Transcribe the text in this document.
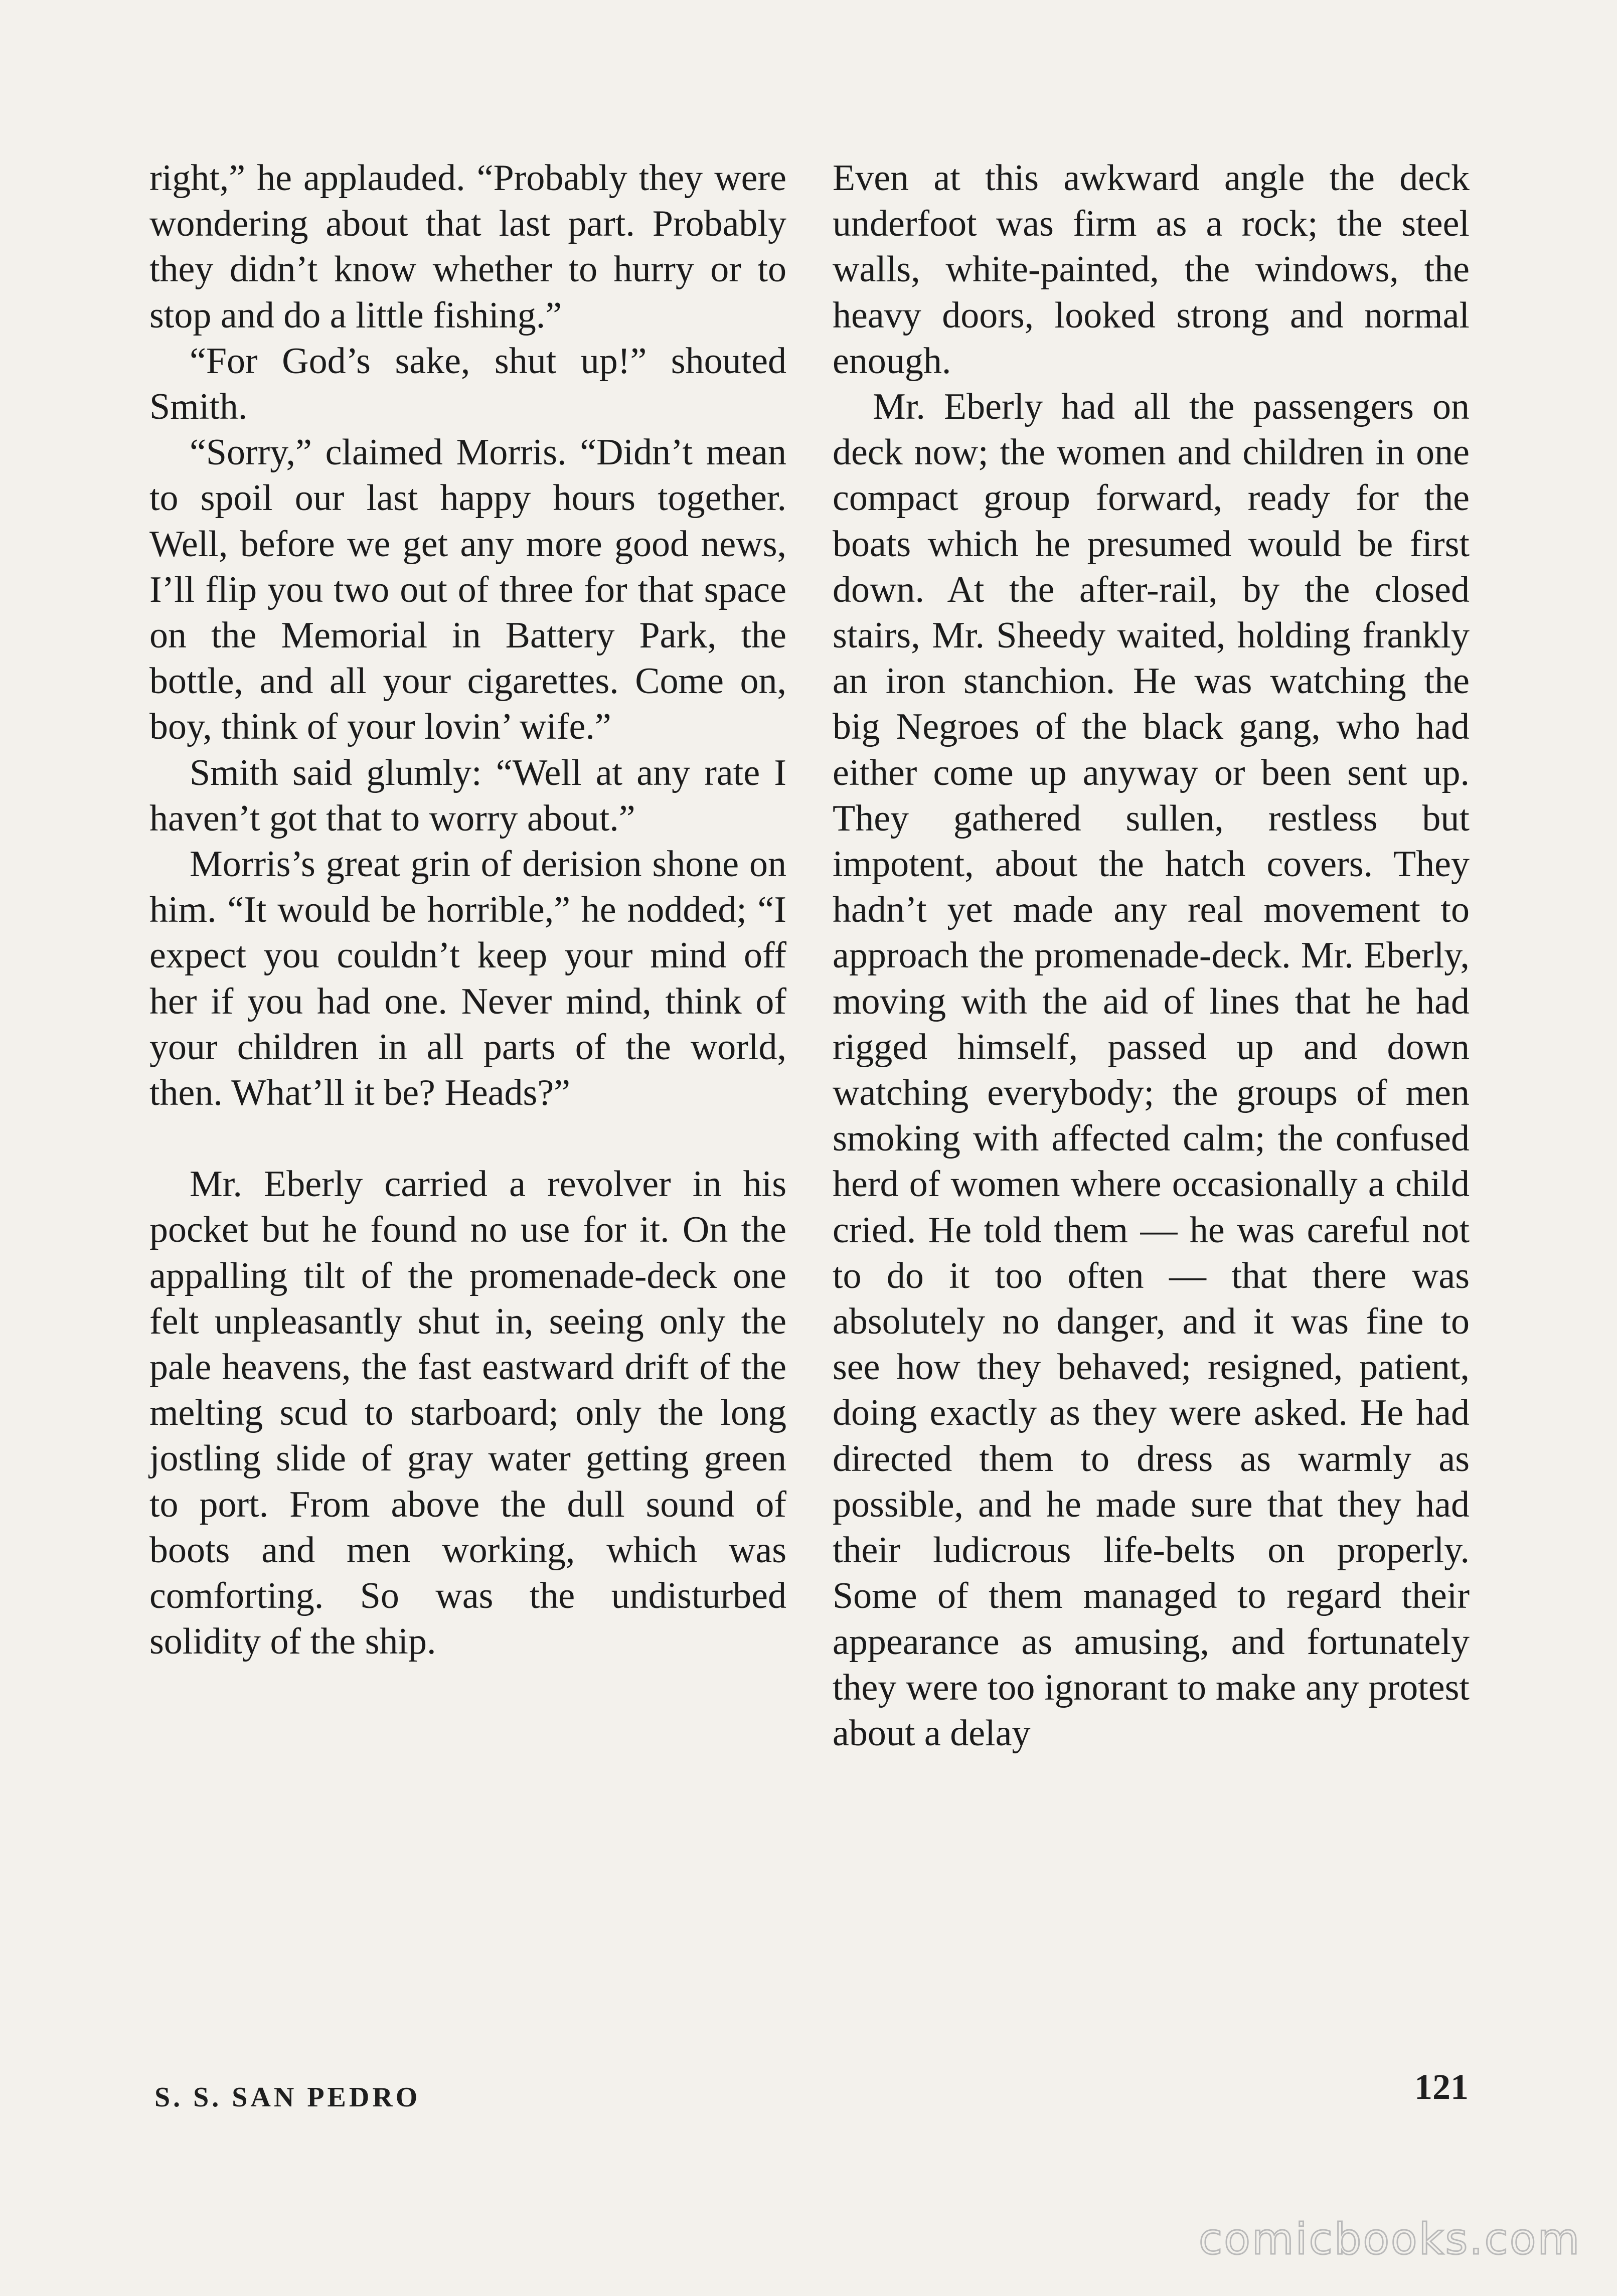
right,” he applauded. “Probably they were wondering about that last part. Probably they didn’t know whether to hurry or to stop and do a little fishing.”

“For God’s sake, shut up!” shouted Smith.

“Sorry,” claimed Morris. “Didn’t mean to spoil our last happy hours together. Well, before we get any more good news, I’ll flip you two out of three for that space on the Memorial in Battery Park, the bottle, and all your cigarettes. Come on, boy, think of your lovin’ wife.”

Smith said glumly: “Well at any rate I haven’t got that to worry about.”

Morris’s great grin of derision shone on him. “It would be horrible,” he nodded; “I expect you couldn’t keep your mind off her if you had one. Never mind, think of your children in all parts of the world, then. What’ll it be? Heads?”

Mr. Eberly carried a revolver in his pocket but he found no use for it. On the appalling tilt of the promenade-deck one felt unpleasantly shut in, seeing only the pale heavens, the fast eastward drift of the melting scud to starboard; only the long jostling slide of gray water getting green to port. From above the dull sound of boots and men working, which was comforting. So was the undisturbed solidity of the ship.

Even at this awkward angle the deck underfoot was firm as a rock; the steel walls, white-painted, the windows, the heavy doors, looked strong and normal enough.

Mr. Eberly had all the passengers on deck now; the women and children in one compact group forward, ready for the boats which he presumed would be first down. At the after-rail, by the closed stairs, Mr. Sheedy waited, holding frankly an iron stanchion. He was watching the big Negroes of the black gang, who had either come up anyway or been sent up. They gathered sullen, restless but impotent, about the hatch covers. They hadn’t yet made any real movement to approach the promenade-deck. Mr. Eberly, moving with the aid of lines that he had rigged himself, passed up and down watching everybody; the groups of men smoking with affected calm; the confused herd of women where occasionally a child cried. He told them — he was careful not to do it too often — that there was absolutely no danger, and it was fine to see how they behaved; resigned, patient, doing exactly as they were asked. He had directed them to dress as warmly as possible, and he made sure that they had their ludicrous life-belts on properly. Some of them managed to regard their appearance as amusing, and fortunately they were too ignorant to make any protest about a delay

S. S. SAN PEDRO	121
comicbooks.com
